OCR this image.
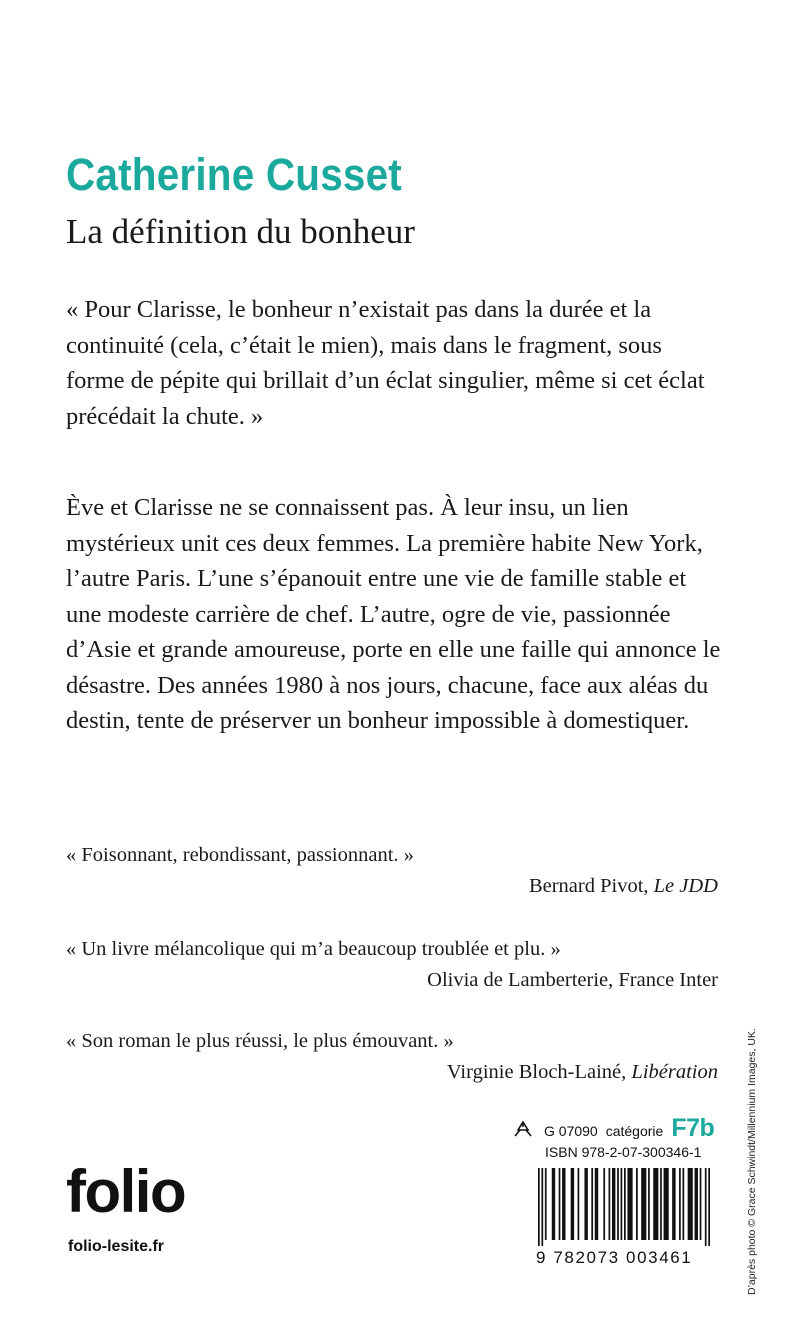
Catherine Cusset
La définition du bonheur

« Pour Clarisse, le bonheur n’existait pas dans la durée et la continuité (cela, c’était le mien), mais dans le fragment, sous forme de pépite qui brillait d’un éclat singulier, même si cet éclat précédait la chute. »

Ève et Clarisse ne se connaissent pas. À leur insu, un lien mystérieux unit ces deux femmes. La première habite New York, l’autre Paris. L’une s’épanouit entre une vie de famille stable et une modeste carrière de chef. L’autre, ogre de vie, passionnée d’Asie et grande amoureuse, porte en elle une faille qui annonce le désastre. Des années 1980 à nos jours, chacune, face aux aléas du destin, tente de préserver un bonheur impossible à domestiquer.

« Foisonnant, rebondissant, passionnant. »
Bernard Pivot, Le JDD
« Un livre mélancolique qui m’a beaucoup troublée et plu. »
Olivia de Lamberterie, France Inter
« Son roman le plus réussi, le plus émouvant. »
Virginie Bloch-Lainé, Libération	D’après photo © Grace Schwindt/Millennium Images, UK.
folio
folio-lesite.fr
G 07090 catégorie F7b
ISBN 978-2-07-300346-1
9 782073 003461
